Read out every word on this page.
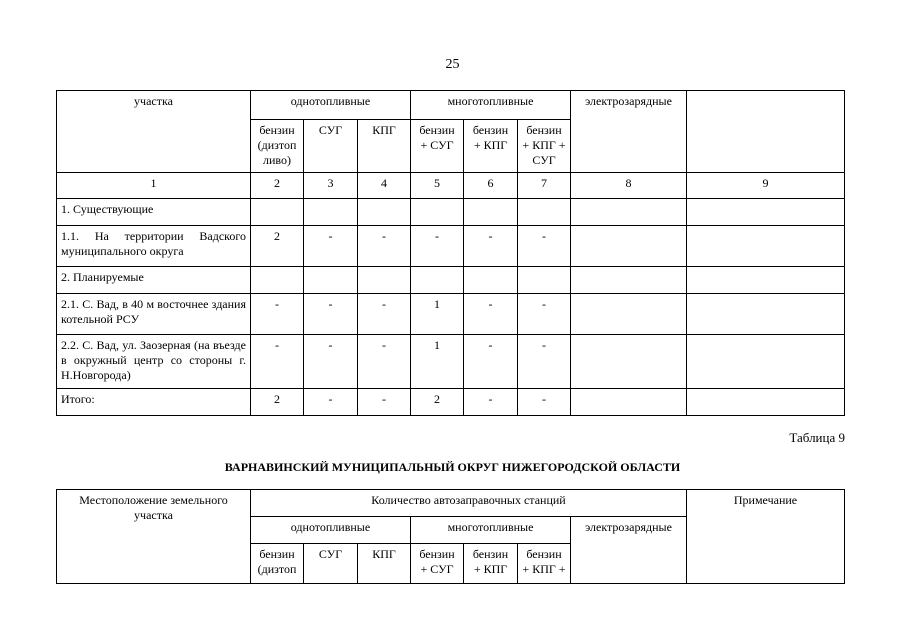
25
участка	однотопливные			многотопливные			электрозарядные	
	бензин (дизтоп ливо)	СУГ	КПГ	бензин + СУГ	бензин + КПГ	бензин + КПГ + СУГ		
1	2	3	4	5	6	7	8	9
1. Существующие								
1.1. На территории Вадского муниципального округа	2	-	-	-	-	-		
2. Планируемые								
2.1. С. Вад, в 40 м восточнее здания котельной РСУ	-	-	-	1	-	-		
2.2. С. Вад, ул. Заозерная (на въезде в окружный центр со стороны г. Н.Новгорода)	-	-	-	1	-	-		
Итого:	2	-	-	2	-	-		
Таблица 9
ВАРНАВИНСКИЙ МУНИЦИПАЛЬНЫЙ ОКРУГ НИЖЕГОРОДСКОЙ ОБЛАСТИ
Местоположение земельного участка	Количество автозаправочных станций							Примечание
	однотопливные			многотопливные			электрозарядные	
	бензин (дизтоп	СУГ	КПГ	бензин + СУГ	бензин + КПГ	бензин + КПГ +		
